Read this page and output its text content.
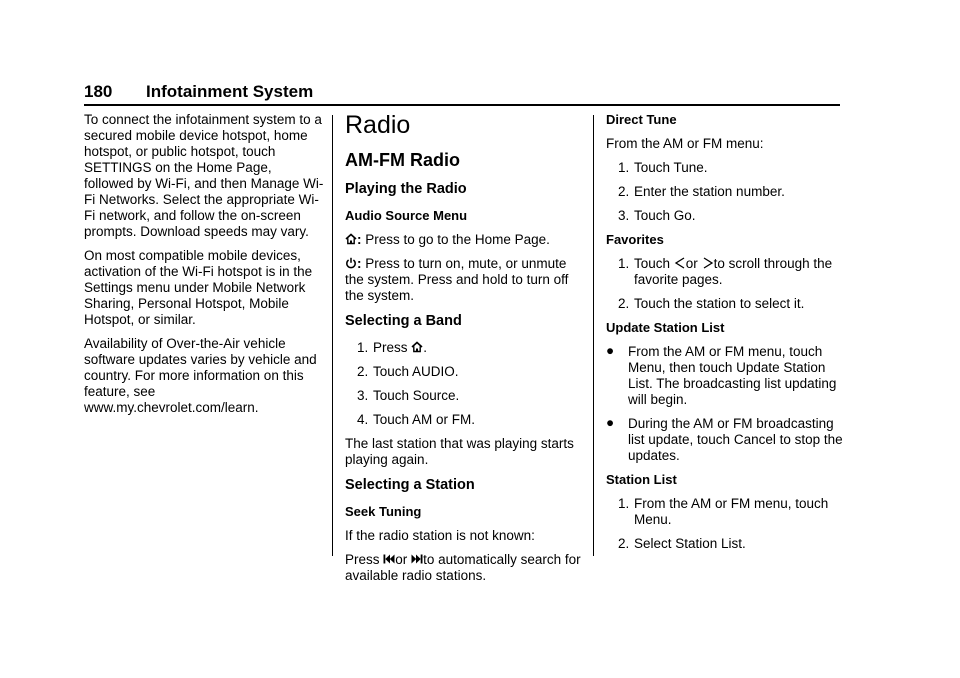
180 Infotainment System

To connect the infotainment system to a secured mobile device hotspot, home hotspot, or public hotspot, touch SETTINGS on the Home Page, followed by Wi-Fi, and then Manage Wi-Fi Networks. Select the appropriate Wi-Fi network, and follow the on-screen prompts. Download speeds may vary.

On most compatible mobile devices, activation of the Wi-Fi hotspot is in the Settings menu under Mobile Network Sharing, Personal Hotspot, Mobile Hotspot, or similar.

Availability of Over-the-Air vehicle software updates varies by vehicle and country. For more information on this feature, see www.my.chevrolet.com/learn.

Radio
AM-FM Radio
Playing the Radio
Audio Source Menu

: Press to go to the Home Page.

: Press to turn on, mute, or unmute the system. Press and hold to turn off the system.

Selecting a Band
1. Press .
2. Touch AUDIO.
3. Touch Source.
4. Touch AM or FM.

The last station that was playing starts playing again.

Selecting a Station
Seek Tuning

If the radio station is not known:

Press or to automatically search for available radio stations.

Direct Tune

From the AM or FM menu:

1. Touch Tune.
2. Enter the station number.
3. Touch Go.
Favorites
1. Touch or to scroll through the favorite pages.
2. Touch the station to select it.
Update Station List
● From the AM or FM menu, touch Menu, then touch Update Station List. The broadcasting list updating will begin.
● During the AM or FM broadcasting list update, touch Cancel to stop the updates.
Station List
1. From the AM or FM menu, touch Menu.
2. Select Station List.
